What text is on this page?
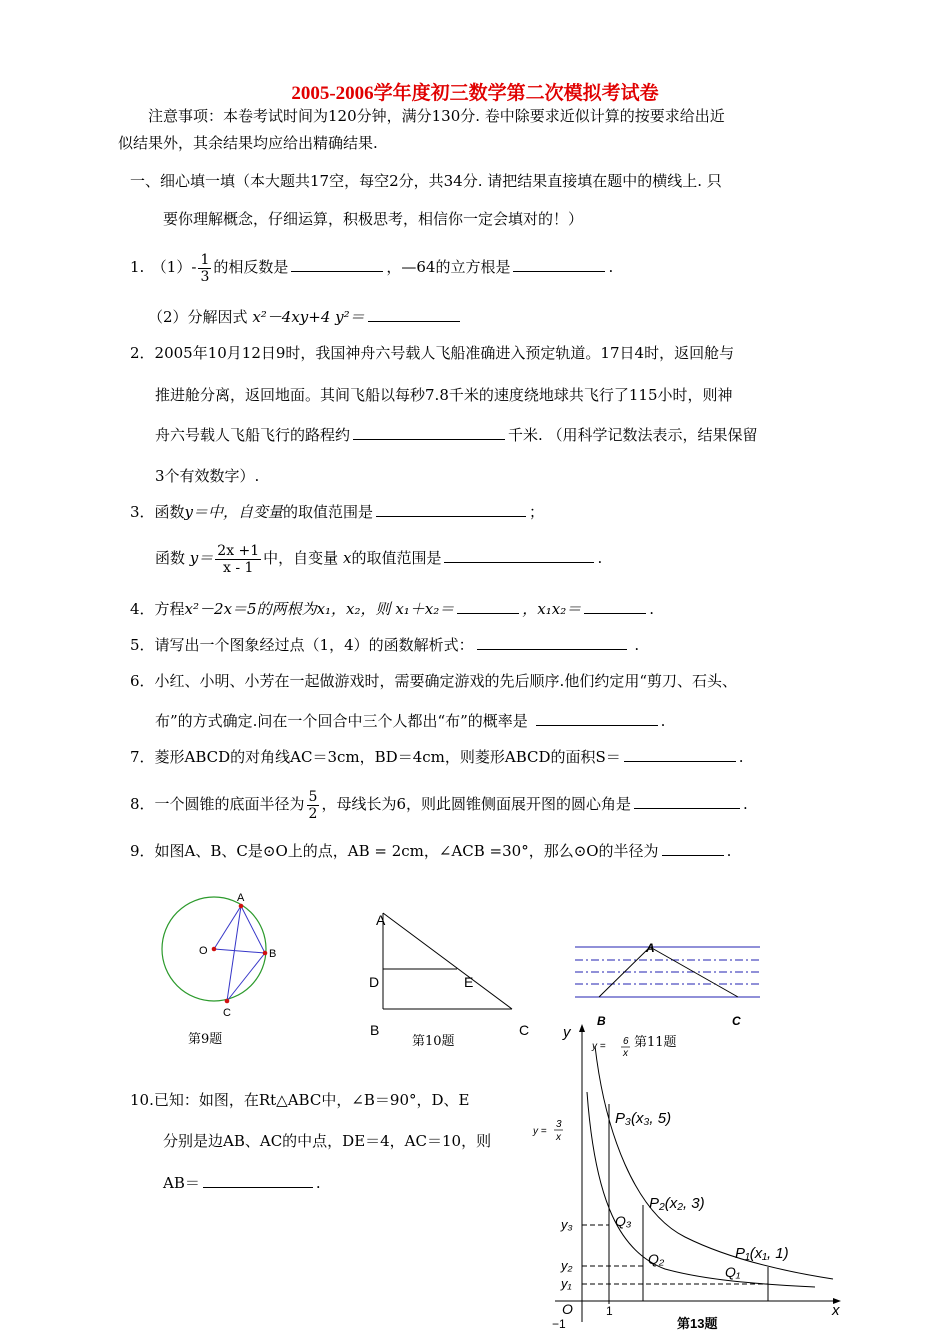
2005-2006学年度初三数学第二次模拟考试卷
注意事项：本卷考试时间为120分钟，满分130分. 卷中除要求近似计算的按要求给出近
似结果外，其余结果均应给出精确结果.
一、细心填一填（本大题共17空，每空2分，共34分. 请把结果直接填在题中的横线上. 只
要你理解概念，仔细运算，积极思考，相信你一定会填对的！）
1.　$(1)- \frac{1}{3}$ 的相反数是	，—64的立方根是	.
（2）分解因式 x²－4xy+4 y²＝
2．2005年10月12日9时，我国神舟六号载人飞船准确进入预定轨道。17日4时，返回舱与
推进舱分离，返回地面。其间飞船以每秒7.8千米的速度绕地球共飞行了115小时，则神
舟六号载人飞船飞行的路程约	千米. （用科学记数法表示，结果保留
3个有效数字）.
3．函数y＝中，自变量的取值范围是	；
函数 $y= \frac{2x +1}{x - 1}$ 中，自变量 x的取值范围是	.
4．方程x²－2x＝5的两根为x₁，x₂，则 x₁＋x₂＝	，x₁x₂＝	.
5．请写出一个图象经过点（1，4）的函数解析式：	.
6．小红、小明、小芳在一起做游戏时，需要确定游戏的先后顺序.他们约定用“剪刀、石头、
布”的方式确定.问在一个回合中三个人都出“布”的概率是	.
7．菱形ABCD的对角线AC＝3cm，BD＝4cm，则菱形ABCD的面积S＝	.
8．一个圆锥的底面半径为 $\frac{5}{2}$ ，母线长为6，则此圆锥侧面展开图的圆心角是	.
9．如图A、B、C是⊙O上的点，AB = 2cm，∠ACB =30°，那么⊙O的半径为	.
A
O	B
C
第9题
A
D	E
B	C
第10题
A
B	C
第11题
10.已知：如图，在Rt△ABC中，∠B＝90°，D、E
分别是边AB、AC的中点，DE＝4，AC＝10，则
AB＝	.
y
x
O
−1
1
y₃
y₂
y₁
y = 6
x
y =
3
x
P₃(x₃, 5)
P₂(x₂, 3)
P₁(x₁, 1)
Q₃
Q₂
Q₁
第13题
